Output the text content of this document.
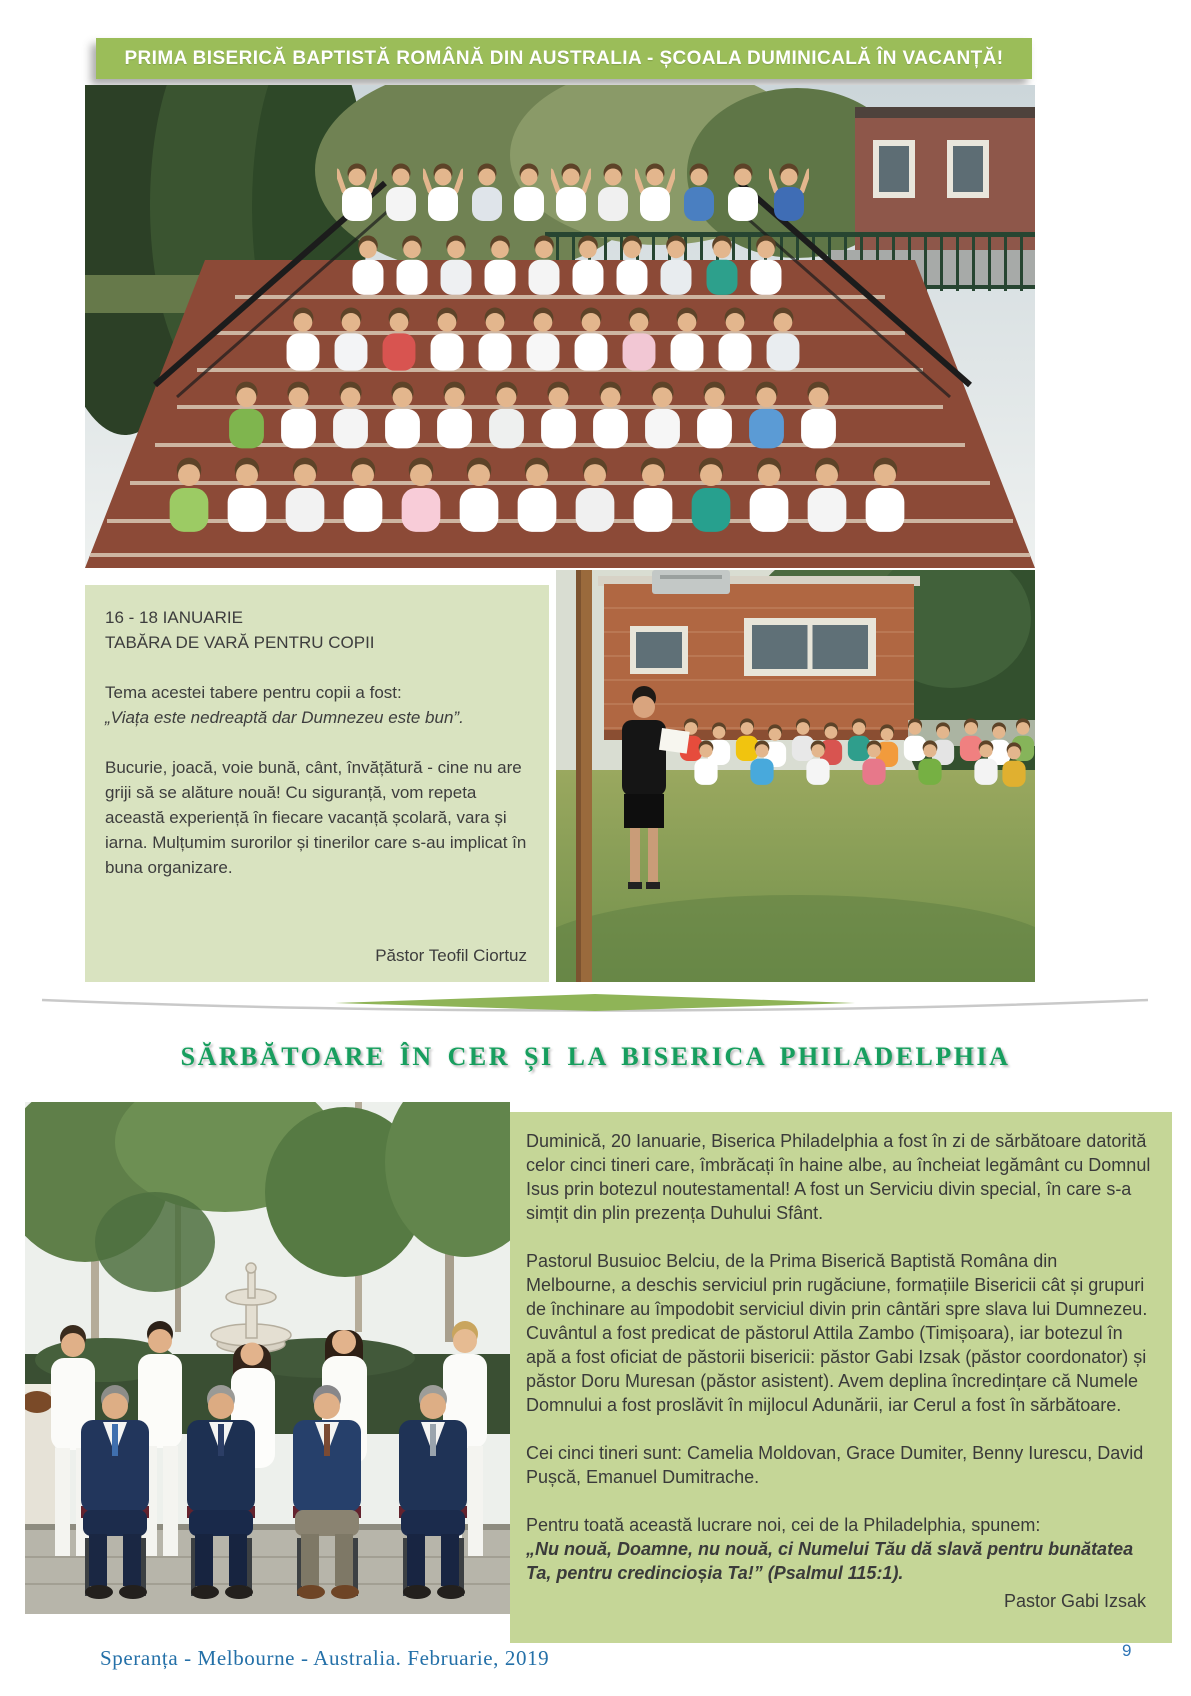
PRIMA BISERICĂ BAPTISTĂ ROMÂNĂ DIN AUSTRALIA - ȘCOALA DUMINICALĂ ÎN VACANȚĂ!

16 - 18 IANUARIE

TABĂRA DE VARĂ PENTRU COPII

Tema acestei tabere pentru copii a fost:

„Viața este nedreaptă dar Dumnezeu este bun”.

Bucurie, joacă, voie bună, cânt, învățătură - cine nu are griji să se alăture nouă! Cu siguranță, vom repeta această experiență în fiecare vacanță școlară, vara și iarna. Mulțumim surorilor și tinerilor care s-au implicat în buna organizare.

Păstor Teofil Ciortuz
SĂRBĂTOARE ÎN CER ȘI LA BISERICA PHILADELPHIA

Duminică, 20 Ianuarie, Biserica Philadelphia a fost în zi de sărbătoare datorită celor cinci tineri care, îmbrăcați în haine albe, au încheiat legământ cu Domnul Isus prin botezul noutestamental! A fost un Serviciu divin special, în care s-a simțit din plin prezența Duhului Sfânt.

Pastorul Busuioc Belciu, de la Prima Biserică Baptistă Româna din Melbourne, a deschis serviciul prin rugăciune, formațiile Bisericii cât și grupuri de închinare au împodobit serviciul divin prin cântări spre slava lui Dumnezeu. Cuvântul a fost predicat de păstorul Attila Zambo (Timișoara), iar botezul în apă a fost oficiat de păstorii bisericii: păstor Gabi Izsak (păstor coordonator) și păstor Doru Muresan (păstor asistent). Avem deplina încredințare că Numele Domnului a fost proslăvit în mijlocul Adunării, iar Cerul a fost în sărbătoare.

Cei cinci tineri sunt: Camelia Moldovan, Grace Dumiter, Benny Iurescu, David Pușcă, Emanuel Dumitrache.

Pentru toată această lucrare noi, cei de la Philadelphia, spunem:

„Nu nouă, Doamne, nu nouă, ci Numelui Tău dă slavă pentru bunătatea Ta, pentru credincioșia Ta!” (Psalmul 115:1).

Pastor Gabi Izsak
Speranța - Melbourne - Australia. Februarie, 2019	9
